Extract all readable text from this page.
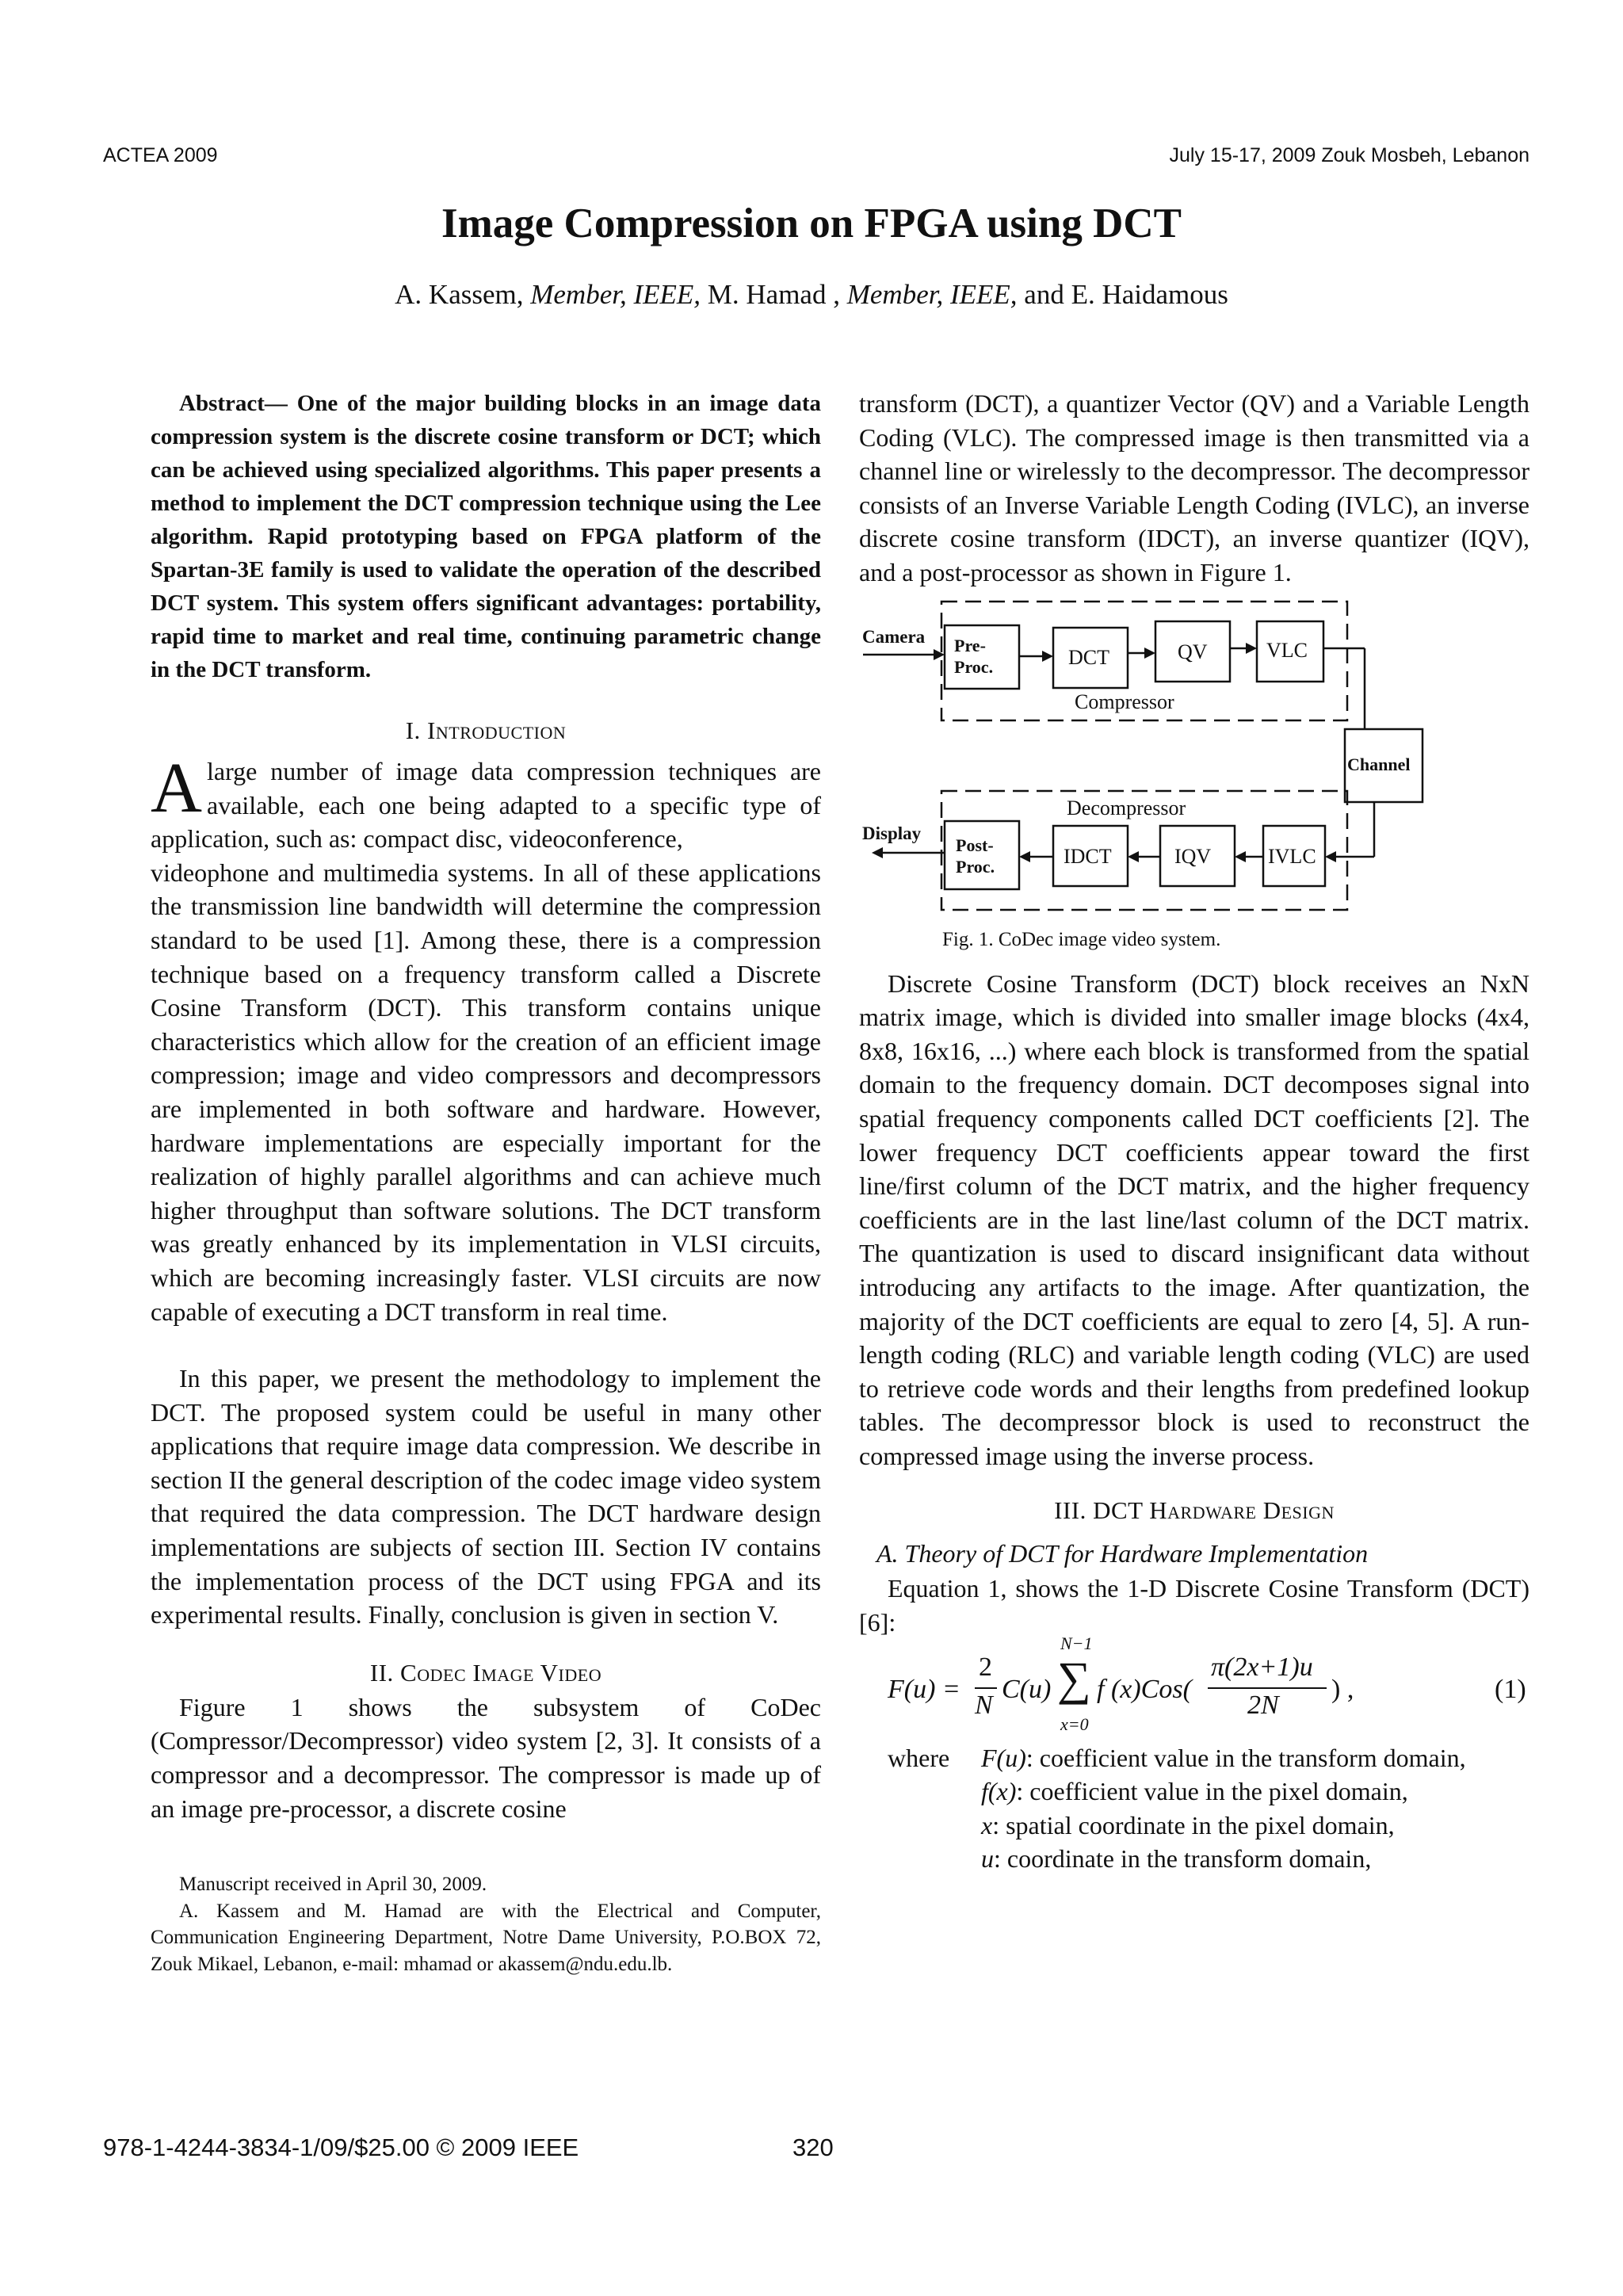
ACTEA 2009	July 15-17, 2009 Zouk Mosbeh, Lebanon
Image Compression on FPGA using DCT
A. Kassem, Member, IEEE, M. Hamad , Member, IEEE, and E. Haidamous

Abstract— One of the major building blocks in an image data compression system is the discrete cosine transform or DCT; which can be achieved using specialized algorithms. This paper presents a method to implement the DCT compression technique using the Lee algorithm. Rapid prototyping based on FPGA platform of the Spartan-3E family is used to validate the operation of the described DCT system. This system offers significant advantages: portability, rapid time to market and real time, continuing parametric change in the DCT transform.

I. Introduction

A large number of image data compression techniques are available, each one being adapted to a specific type of application, such as: compact disc, videoconference,

videophone and multimedia systems. In all of these applications the transmission line bandwidth will determine the compression standard to be used [1]. Among these, there is a compression technique based on a frequency transform called a Discrete Cosine Transform (DCT). This transform contains unique characteristics which allow for the creation of an efficient image compression; image and video compressors and decompressors are implemented in both software and hardware. However, hardware implementations are especially important for the realization of highly parallel algorithms and can achieve much higher throughput than software solutions. The DCT transform was greatly enhanced by its implementation in VLSI circuits, which are becoming increasingly faster. VLSI circuits are now capable of executing a DCT transform in real time.

In this paper, we present the methodology to implement the DCT. The proposed system could be useful in many other applications that require image data compression. We describe in section II the general description of the codec image video system that required the data compression. The DCT hardware design implementations are subjects of section III. Section IV contains the implementation process of the DCT using FPGA and its experimental results. Finally, conclusion is given in section V.

II. Codec Image Video

Figure 1 shows the subsystem of CoDec (Compressor/Decompressor) video system [2, 3]. It consists of a compressor and a decompressor. The compressor is made up of an image pre-processor, a discrete cosine

Manuscript received in April 30, 2009.

A. Kassem and M. Hamad are with the Electrical and Computer, Communication Engineering Department, Notre Dame University, P.O.BOX 72, Zouk Mikael, Lebanon, e-mail: mhamad or akassem@ndu.edu.lb.

transform (DCT), a quantizer Vector (QV) and a Variable Length Coding (VLC). The compressed image is then transmitted via a channel line or wirelessly to the decompressor. The decompressor consists of an Inverse Variable Length Coding (IVLC), an inverse discrete cosine transform (IDCT), an inverse quantizer (IQV), and a post-processor as shown in Figure 1.

Camera Pre-
Proc.	DCT	QV	VLC
Compressor
Channel
Decompressor
Display
Post-
Proc.	IDCT	IQV	IVLC

Fig. 1. CoDec image video system.

Discrete Cosine Transform (DCT) block receives an NxN matrix image, which is divided into smaller image blocks (4x4, 8x8, 16x16, ...) where each block is transformed from the spatial domain to the frequency domain. DCT decomposes signal into spatial frequency components called DCT coefficients [2]. The lower frequency DCT coefficients appear toward the first line/first column of the DCT matrix, and the higher frequency coefficients are in the last line/last column of the DCT matrix. The quantization is used to discard insignificant data without introducing any artifacts to the image. After quantization, the majority of the DCT coefficients are equal to zero [4, 5]. A run-length coding (RLC) and variable length coding (VLC) are used to retrieve code words and their lengths from predefined lookup tables. The decompressor block is used to reconstruct the compressed image using the inverse process.

III. DCT Hardware Design

A. Theory of DCT for Hardware Implementation

Equation 1, shows the 1-D Discrete Cosine Transform (DCT) [6]:

F(u) =
2
N
C(u)
N−1
∑
x=0
f (x)Cos(
π(2x+1)u
2N
) ,	(1)
where F(u): coefficient value in the transform domain,
f(x): coefficient value in the pixel domain,
x: spatial coordinate in the pixel domain,
u: coordinate in the transform domain,
978-1-4244-3834-1/09/$25.00 © 2009 IEEE	320
